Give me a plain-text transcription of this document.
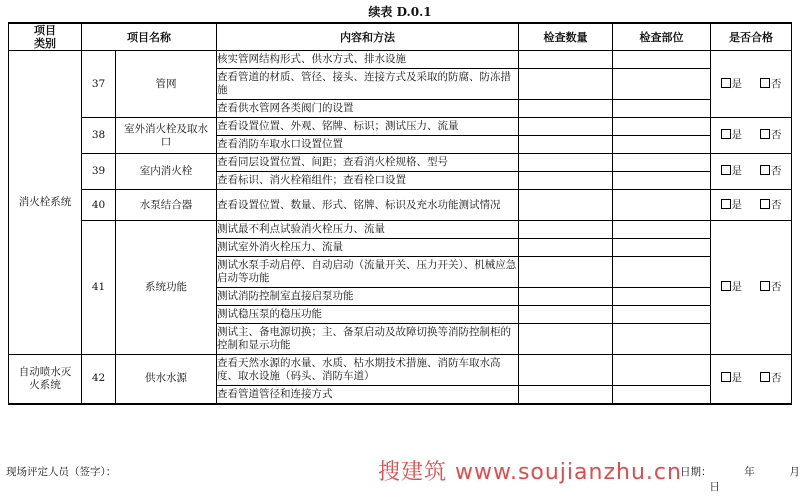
续表 D.0.1
项目
类别	项目名称		内容和方法	检查数量	检查部位	是否合格
消火栓系统	37	管网	核实管网结构形式、供水方式、排水设施			是 否
			查看管道的材质、管径、接头、连接方式及采取的防腐、防冻措施			
			查看供水管网各类阀门的设置			
	38	室外消火栓及取水口	查看设置位置、外观、铭牌、标识；测试压力、流量			是 否
			查看消防车取水口设置位置			
	39	室内消火栓	查看同层设置位置、间距；查看消火栓规格、型号			是 否
			查看标识、消火栓箱组件；查看栓口设置			
	40	水泵结合器	查看设置位置、数量、形式、铭牌、标识及充水功能测试情况			是 否
	41	系统功能	测试最不利点试验消火栓压力、流量			是 否
			测试室外消火栓压力、流量			
			测试水泵手动启停、自动启动（流量开关、压力开关）、机械应急启动等功能			
			测试消防控制室直接启泵功能			
			测试稳压泵的稳压功能			
			测试主、备电源切换；主、备泵启动及故障切换等消防控制柜的控制和显示功能			
自动喷水灭火系统	42	供水水源	查看天然水源的水量、水质、枯水期技术措施、消防车取水高度、取水设施（码头、消防车道）			是 否
			查看管道管径和连接方式			
现场评定人员（签字）：	日期：	年	月  日
搜建筑 www.soujianzhu.cn
